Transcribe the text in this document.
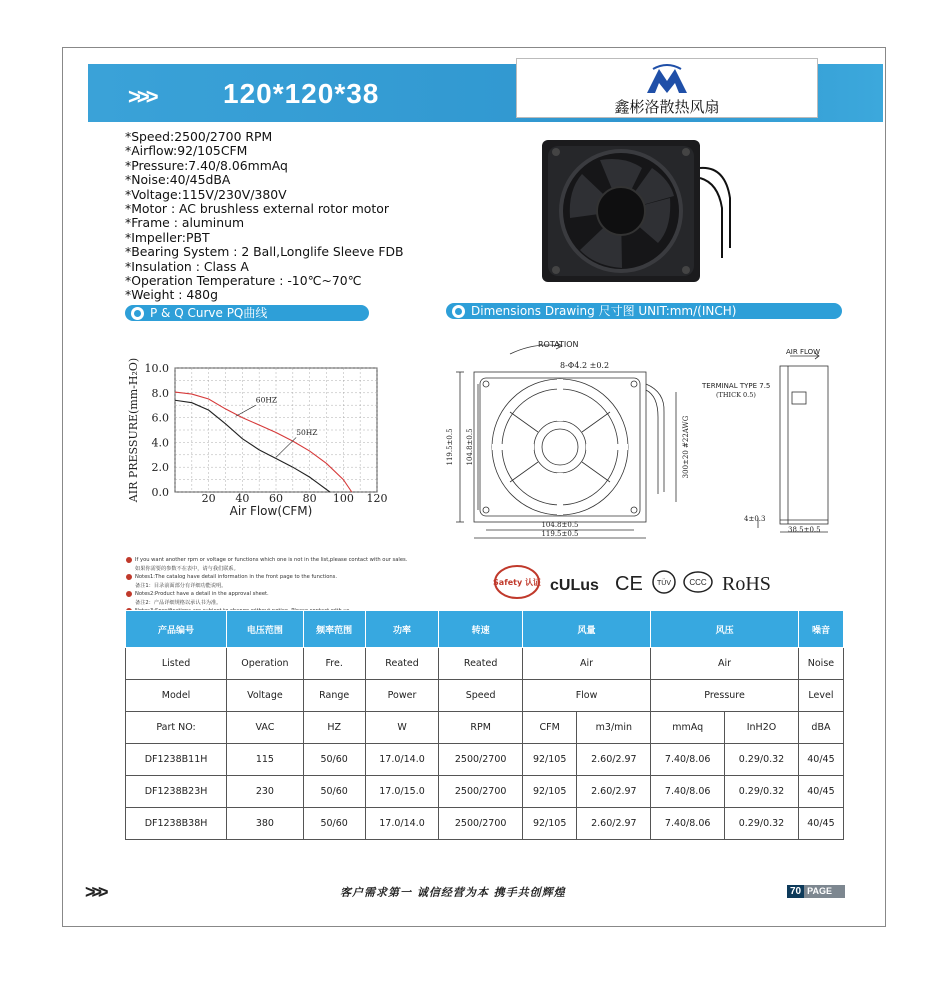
>>> 120*120*38	鑫彬洛散热风扇
*Speed:2500/2700 RPM
*Airflow:92/105CFM
*Pressure:7.40/8.06mmAq
*Noise:40/45dBA
*Voltage:115V/230V/380V
*Motor : AC brushless external rotor motor
*Frame : aluminum
*Impeller:PBT
*Bearing System : 2 Ball,Longlife Sleeve FDB
*Insulation : Class A
*Operation Temperature : -10℃~70℃
*Weight : 480g
P & Q Curve PQ曲线	Dimensions Drawing 尺寸图 UNIT:mm/(INCH)
0.0
2.0
4.0
6.0
8.0
10.0
20 40 60 80 100 120
60HZ
50HZ
AIR PRESSURE(mm-H₂O)
Air Flow(CFM)
ROTATION
8-Φ4.2 ±0.2
119.5±0.5 104.8±0.5
104.8±0.5
119.5±0.5
300±20 #22AWG
AIR FLOW
TERMINAL TYPE 7.5
(THICK 0.5)
4±0.3
38.5±0.5
If you want another rpm or voltage or functions which one is not in the list,please contact with our sales.
如果你需要的参数不在表中，请与我们联系。
Notes1:The catalog have detail information in the front page to the functions.
备注1：目录前面部分有详细功能说明。
Notes2:Product have a detail in the approval sheet.
备注2：产品详细规格以承认书为准。
Safety 认证 cULus CE TÜV CCC RoHS
产品编号	电压范围	频率范围	功率	转速	风量		风压		噪音
Listed	Operation	Fre.	Reated	Reated	Air		Air		Noise
Model	Voltage	Range	Power	Speed	Flow		Pressure		Level
Part NO:	VAC	HZ	W	RPM	CFM	m3/min	mmAq	InH2O	dBA
DF1238B11H	115	50/60	17.0/14.0	2500/2700	92/105	2.60/2.97	7.40/8.06	0.29/0.32	40/45
DF1238B23H	230	50/60	17.0/15.0	2500/2700	92/105	2.60/2.97	7.40/8.06	0.29/0.32	40/45
DF1238B38H	380	50/60	17.0/14.0	2500/2700	92/105	2.60/2.97	7.40/8.06	0.29/0.32	40/45
>>>	客户需求第一 诚信经营为本 携手共创辉煌	70 PAGE
